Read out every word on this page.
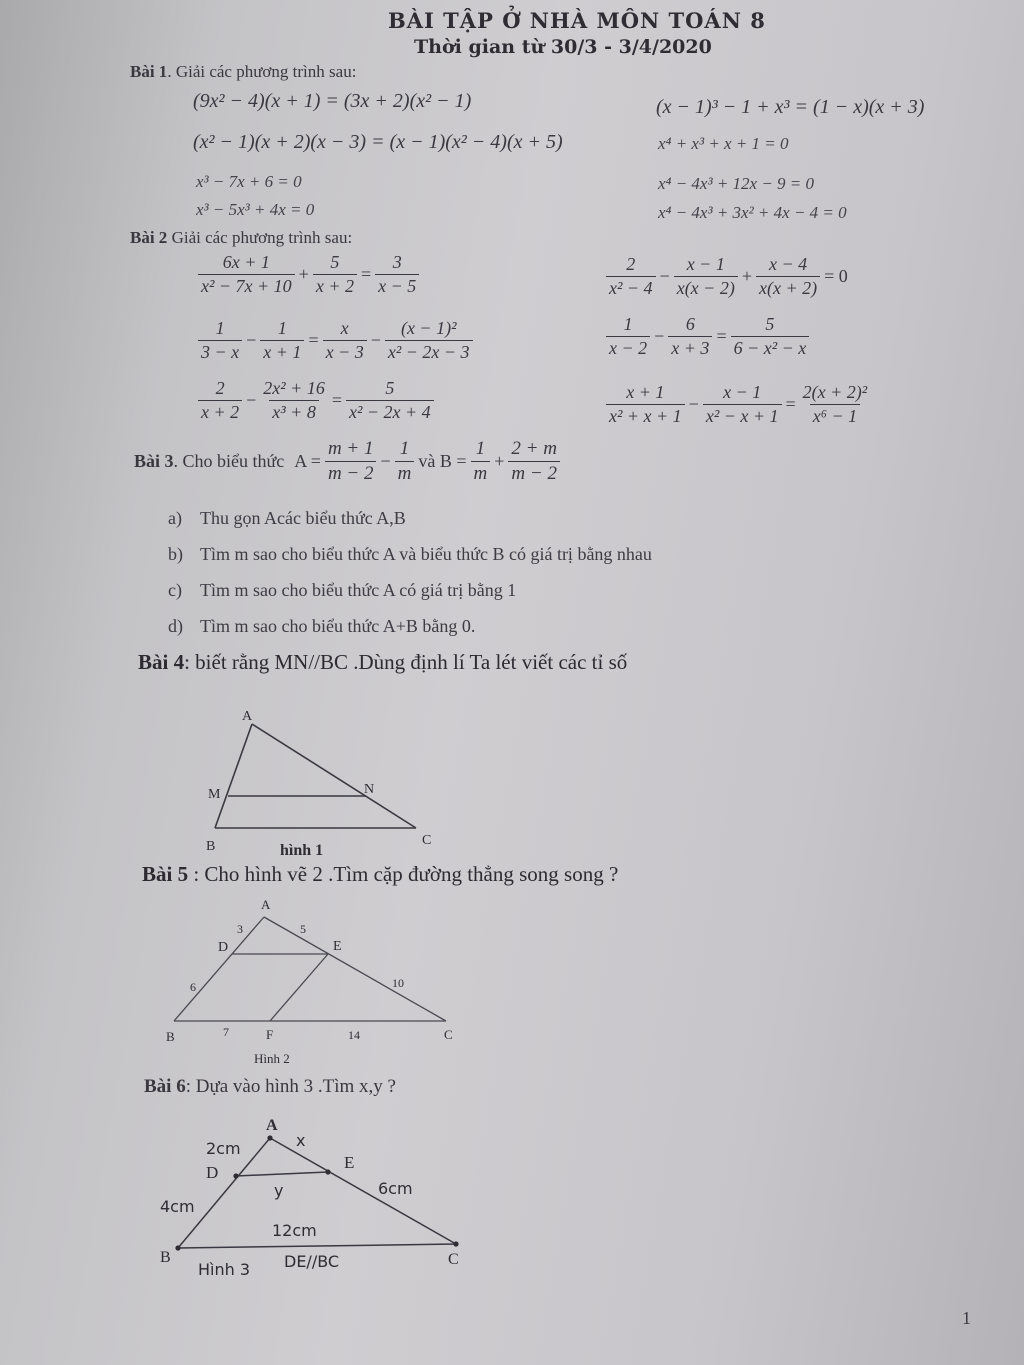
BÀI TẬP Ở NHÀ MÔN TOÁN 8
Thời gian từ 30/3 - 3/4/2020
Bài 1. Giải các phương trình sau:
(9x² − 4)(x + 1) = (3x + 2)(x² − 1)
(x² − 1)(x + 2)(x − 3) = (x − 1)(x² − 4)(x + 5)
x³ − 7x + 6 = 0
x³ − 5x³ + 4x = 0
(x − 1)³ − 1 + x³ = (1 − x)(x + 3)
x⁴ + x³ + x + 1 = 0
x⁴ − 4x³ + 12x − 9 = 0
x⁴ − 4x³ + 3x² + 4x − 4 = 0
Bài 2 Giải các phương trình sau:
$\frac{6x + 1}{\text{x² − 7x + 10}} + \frac{5}{x + 2} = \frac{3}{x - 5}$
$\frac{1}{3 - x} - \frac{1}{x + 1} = \frac{x}{x - 3} - \frac{\text{(x − 1)²}}{\text{x² − 2x − 3}}$
$\frac{2}{x + 2} - \frac{\text{2x² + 16}}{\text{x³ + 8}} = \frac{5}{\text{x² − 2x + 4}}$
$\frac{2}{\text{x² − 4}} - \frac{x - 1}{x(x - 2)} + \frac{x - 4}{x(x + 2)} = 0$
$\frac{1}{x - 2} - \frac{6}{x + 3} = \frac{5}{\text{6 − x² − x}}$
$\frac{x + 1}{\text{x² + x + 1}} - \frac{x - 1}{\text{x² − x + 1}} = \frac{\text{2(x + 2)²}}{\text{x⁶ − 1}}$
Bài 3. Cho biểu thức $A = \frac{m + 1}{m - 2} - \frac{1}{m}$ và $B = \frac{1}{m} + \frac{2 + m}{m - 2}$
a) Thu gọn Acác biểu thức A,B
b) Tìm m sao cho biểu thức A và biểu thức B có giá trị bằng nhau
c) Tìm m sao cho biểu thức A có giá trị bằng 1
d) Tìm m sao cho biểu thức A+B bằng 0.
Bài 4: biết rằng MN//BC .Dùng định lí Ta lét viết các tỉ số
A
M	N
B	C
hình 1
Bài 5 : Cho hình vẽ 2 .Tìm cặp đường thẳng song song ?
A
D	E
B	F	C
3	5
6	10
7	14
Hình 2
Bài 6: Dựa vào hình 3 .Tìm x,y ?
A
D
E
B	C
2cm	x
4cm
y	6cm
12cm
Hình 3 DE//BC
1
